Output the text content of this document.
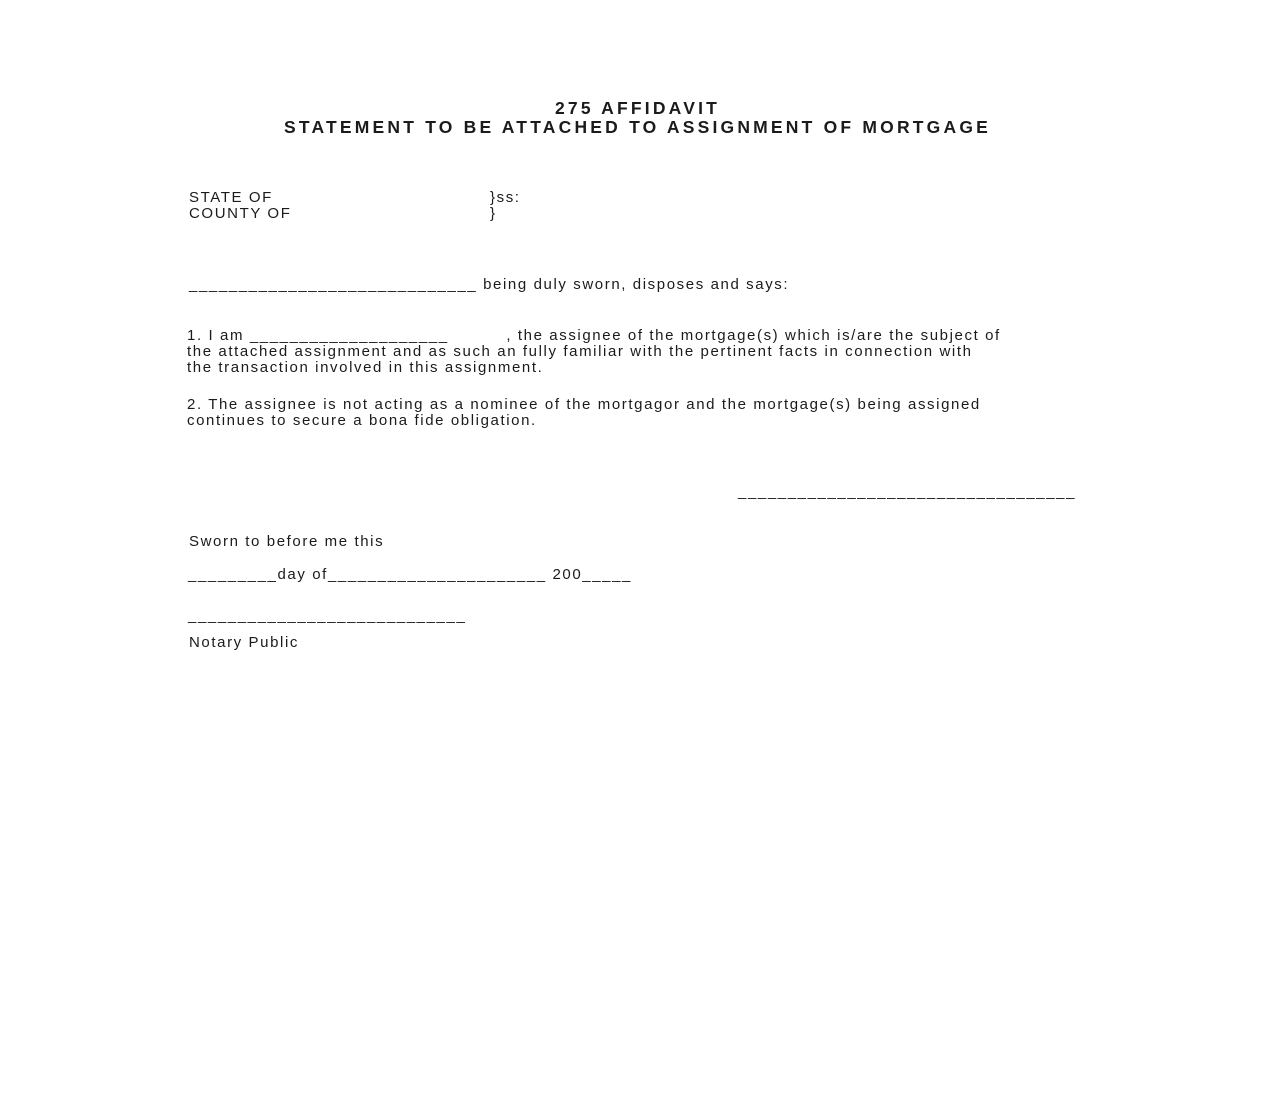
275 AFFIDAVIT
STATEMENT TO BE ATTACHED TO ASSIGNMENT OF MORTGAGE
STATE OF	}ss:
COUNTY OF	}
_____________________________ being duly sworn, disposes and says:
1. I am ____________________          , the assignee of the mortgage(s) which is/are the subject of
the attached assignment and as such an fully familiar with the pertinent facts in connection with
the transaction involved in this assignment.
2. The assignee is not acting as a nominee of the mortgagor and the mortgage(s) being assigned
continues to secure a bona fide obligation.
__________________________________
Sworn to before me this
_________day of______________________ 200_____
____________________________
Notary Public
